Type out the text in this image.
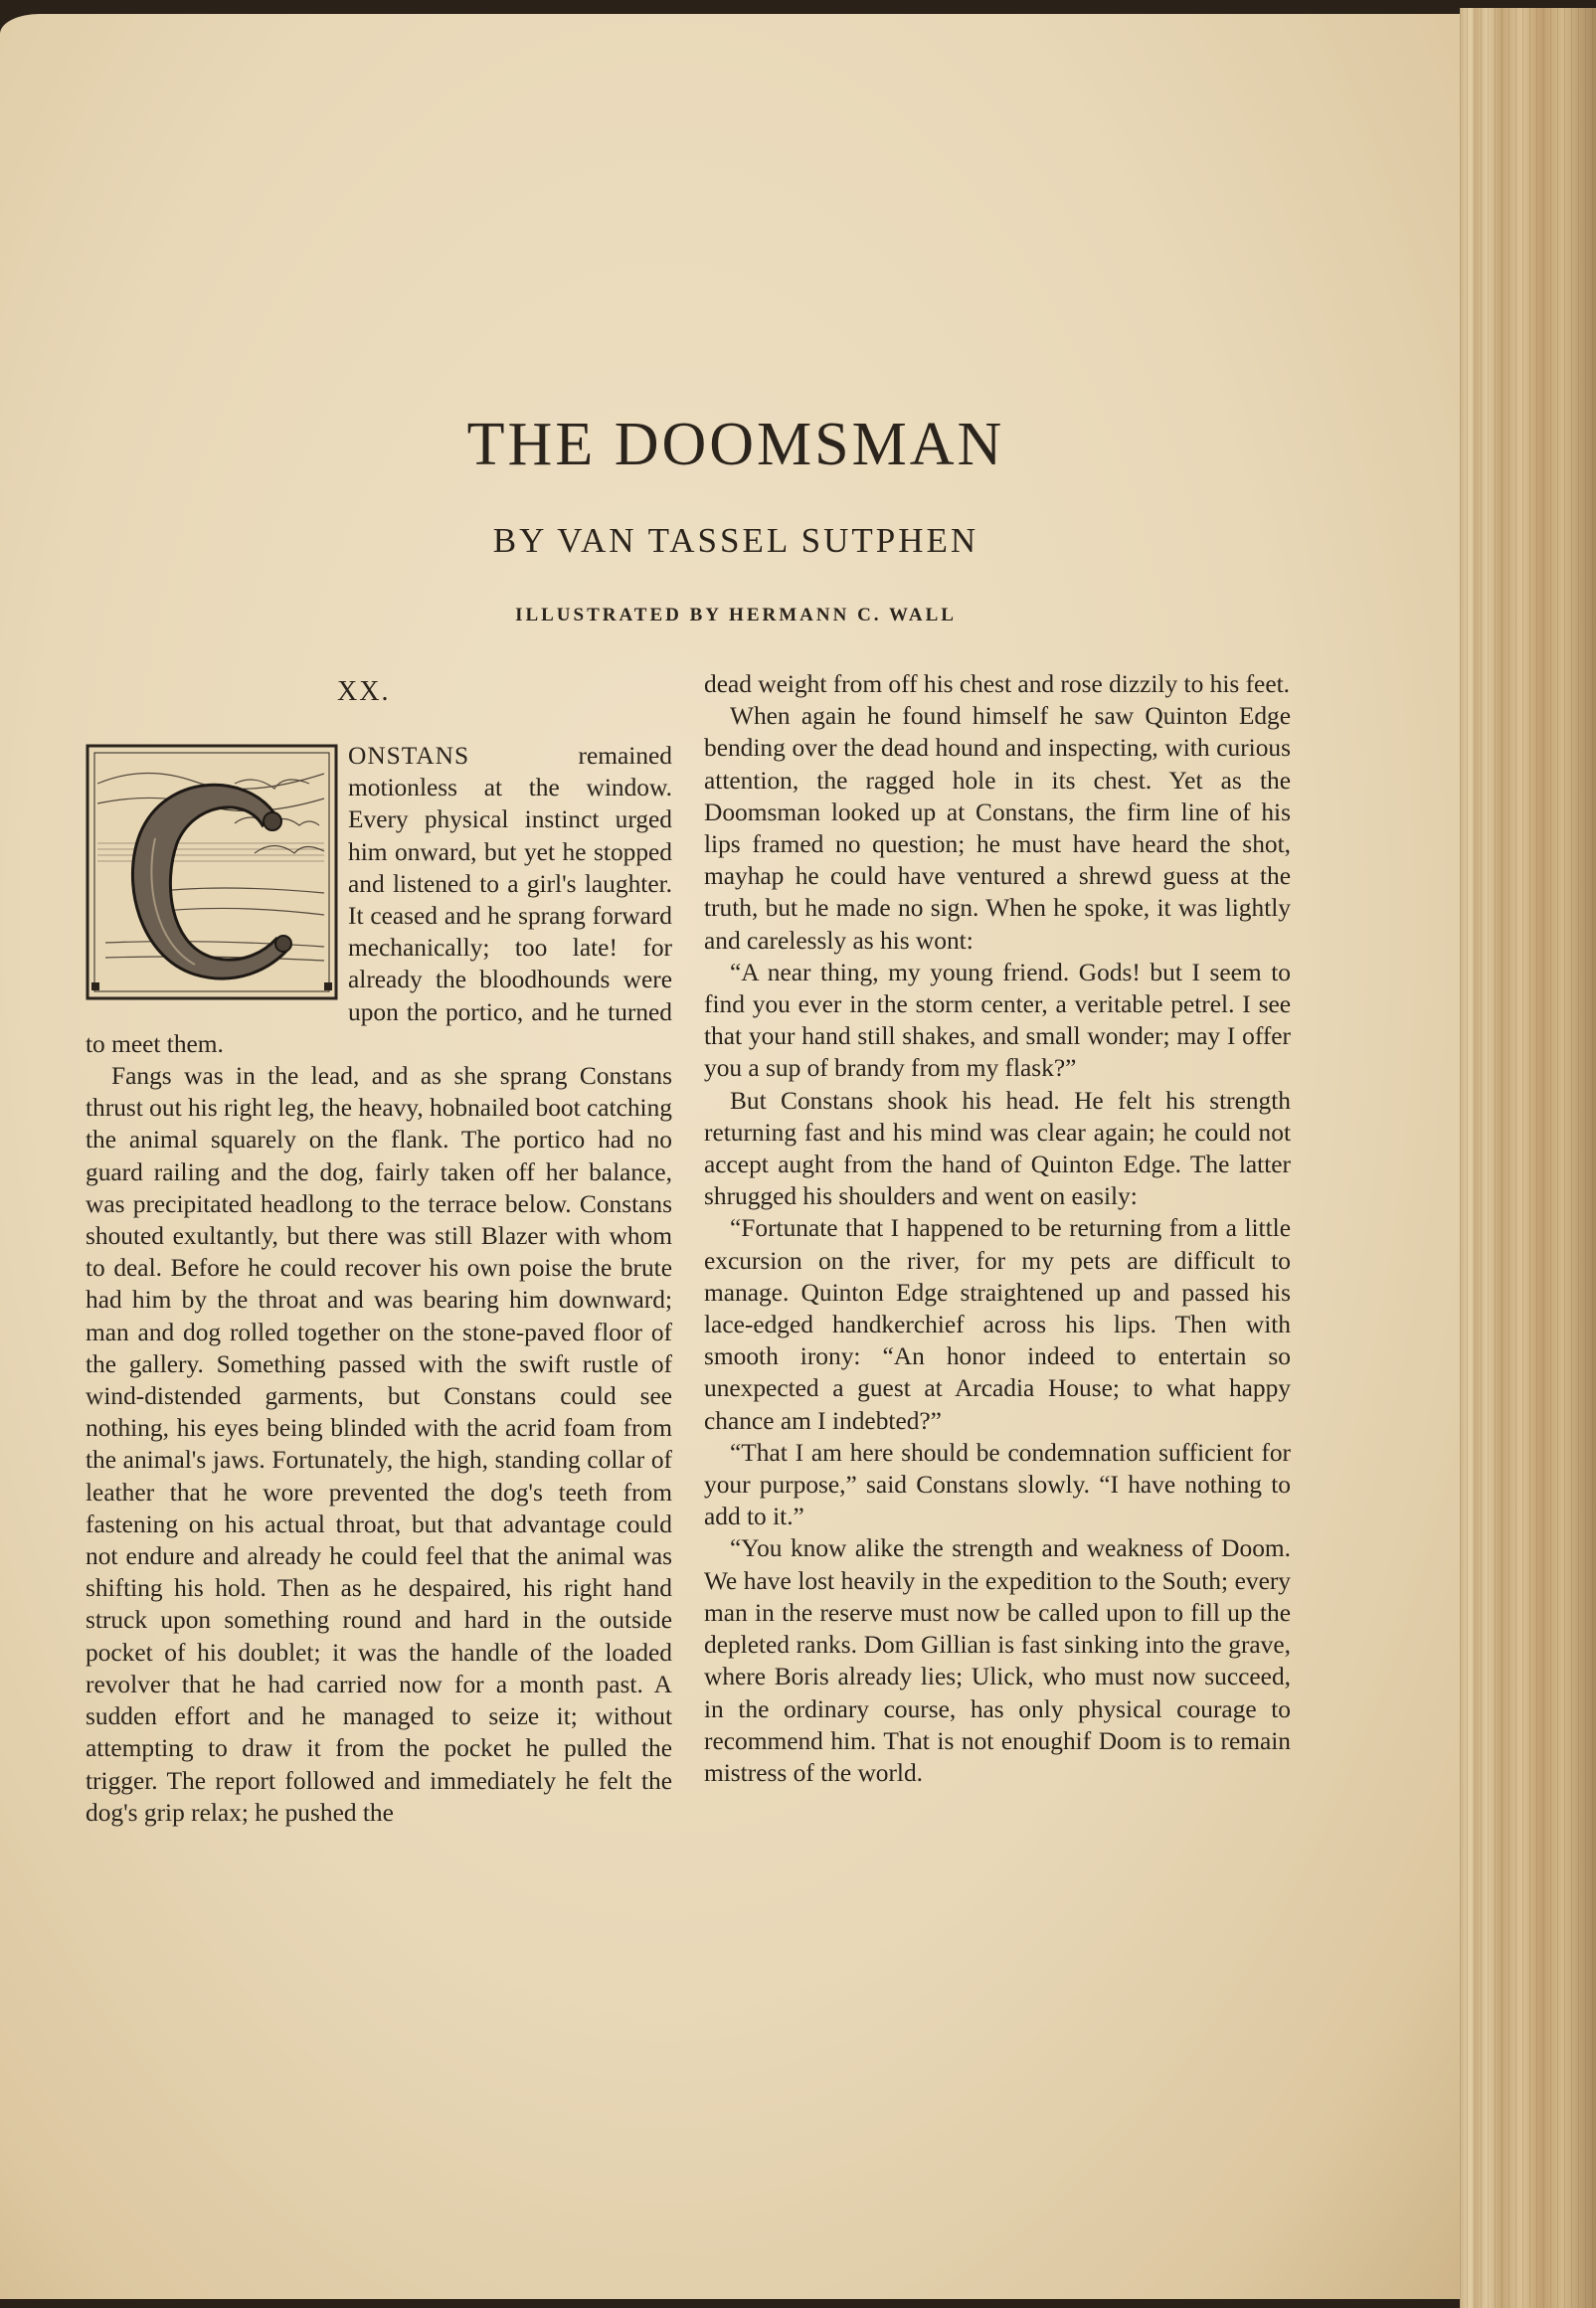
THE DOOMSMAN
BY VAN TASSEL SUTPHEN
ILLUSTRATED BY HERMANN C. WALL
XX.

ONSTANS	remained motionless at the window. Every physical instinct urged him onward, but yet he stopped and listened to a girl's laughter. It ceased and he sprang forward mechanically; too late! for already the bloodhounds were upon the portico, and he turned to meet them.

Fangs was in the lead, and as she sprang Constans thrust out his right leg, the heavy, hobnailed boot catching the animal squarely on the flank. The portico had no guard railing and the dog, fairly taken off her balance, was precipitated headlong to the terrace below. Constans shouted exultantly, but there was still Blazer with whom to deal. Before he could recover his own poise the brute had him by the throat and was bearing him downward; man and dog rolled together on the stone-paved floor of the gallery. Something passed with the swift rustle of wind-distended garments, but Constans could see nothing, his eyes being blinded with the acrid foam from the animal's jaws. Fortunately, the high, standing collar of leather that he wore prevented the dog's teeth from fastening on his actual throat, but that advantage could not endure and already he could feel that the animal was shifting his hold. Then as he despaired, his right hand struck upon something round and hard in the outside pocket of his doublet; it was the handle of the loaded revolver that he had carried now for a month past. A sudden effort and he managed to seize it; without attempting to draw it from the pocket he pulled the trigger. The report followed and immediately he felt the dog's grip relax; he pushed the

dead weight from off his chest and rose dizzily to his feet.

When again he found himself he saw Quinton Edge bending over the dead hound and inspecting, with curious attention, the ragged hole in its chest. Yet as the Doomsman looked up at Constans, the firm line of his lips framed no question; he must have heard the shot, mayhap he could have ventured a shrewd guess at the truth, but he made no sign. When he spoke, it was lightly and carelessly as his wont:

“A near thing, my young friend. Gods! but I seem to find you ever in the storm center, a veritable petrel. I see that your hand still shakes, and small wonder; may I offer you a sup of brandy from my flask?”

But Constans shook his head. He felt his strength returning fast and his mind was clear again; he could not accept aught from the hand of Quinton Edge. The latter shrugged his shoulders and went on easily:

“Fortunate that I happened to be returning from a little excursion on the river, for my pets are difficult to manage. Quinton Edge straightened up and passed his lace-edged handkerchief across his lips. Then with smooth irony: “An honor indeed to entertain so unexpected a guest at Arcadia House; to what happy chance am I indebted?”

“That I am here should be condemnation sufficient for your purpose,” said Constans slowly. “I have nothing to add to it.”

“You know alike the strength and weakness of Doom. We have lost heavily in the expedition to the South; every man in the reserve must now be called upon to fill up the depleted ranks. Dom Gillian is fast sinking into the grave, where Boris already lies; Ulick, who must now succeed, in the ordinary course, has only physical courage to recommend him. That is not enoughif Doom is to remain mistress of the world.
